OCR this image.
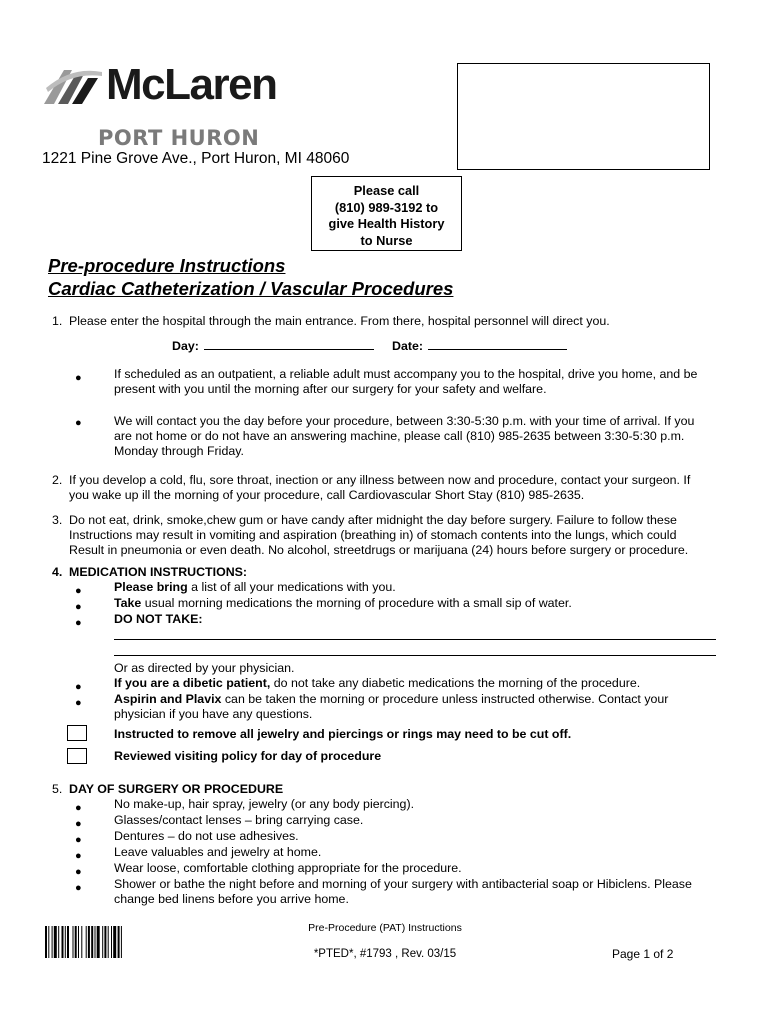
McLaren
PORT HURON
1221 Pine Grove Ave., Port Huron, MI 48060
Please call
(810) 989-3192 to
give Health History
to Nurse
Pre-procedure Instructions
Cardiac Catheterization / Vascular Procedures
1. Please enter the hospital through the main entrance. From there, hospital personnel will direct you.
Day:	Date:
●	If scheduled as an outpatient, a reliable adult must accompany you to the hospital, drive you home, and be
present with you until the morning after our surgery for your safety and welfare.
●	We will contact you the day before your procedure, between 3:30-5:30 p.m. with your time of arrival. If you
are not home or do not have an answering machine, please call (810) 985-2635 between 3:30-5:30 p.m.
Monday through Friday.
2. If you develop a cold, flu, sore throat, inection or any illness between now and procedure, contact your surgeon. If
you wake up ill the morning of your procedure, call Cardiovascular Short Stay (810) 985-2635.
3. Do not eat, drink, smoke,chew gum or have candy after midnight the day before surgery. Failure to follow these
Instructions may result in vomiting and aspiration (breathing in) of stomach contents into the lungs, which could
Result in pneumonia or even death. No alcohol, streetdrugs or marijuana (24) hours before surgery or procedure.
4. MEDICATION INSTRUCTIONS:
●	Please bring a list of all your medications with you.
●	Take usual morning medications the morning of procedure with a small sip of water.
●	DO NOT TAKE:
Or as directed by your physician.
●	If you are a dibetic patient, do not take any diabetic medications the morning of the procedure.
●	Aspirin and Plavix can be taken the morning or procedure unless instructed otherwise. Contact your
physician if you have any questions.
Instructed to remove all jewelry and piercings or rings may need to be cut off.
Reviewed visiting policy for day of procedure
5. DAY OF SURGERY OR PROCEDURE
●	No make-up, hair spray, jewelry (or any body piercing).
●	Glasses/contact lenses – bring carrying case.
●	Dentures – do not use adhesives.
●	Leave valuables and jewelry at home.
●	Wear loose, comfortable clothing appropriate for the procedure.
●	Shower or bathe the night before and morning of your surgery with antibacterial soap or Hibiclens. Please
change bed linens before you arrive home.
Pre-Procedure (PAT) Instructions
*PTED*, #1793 , Rev. 03/15	Page 1 of 2
